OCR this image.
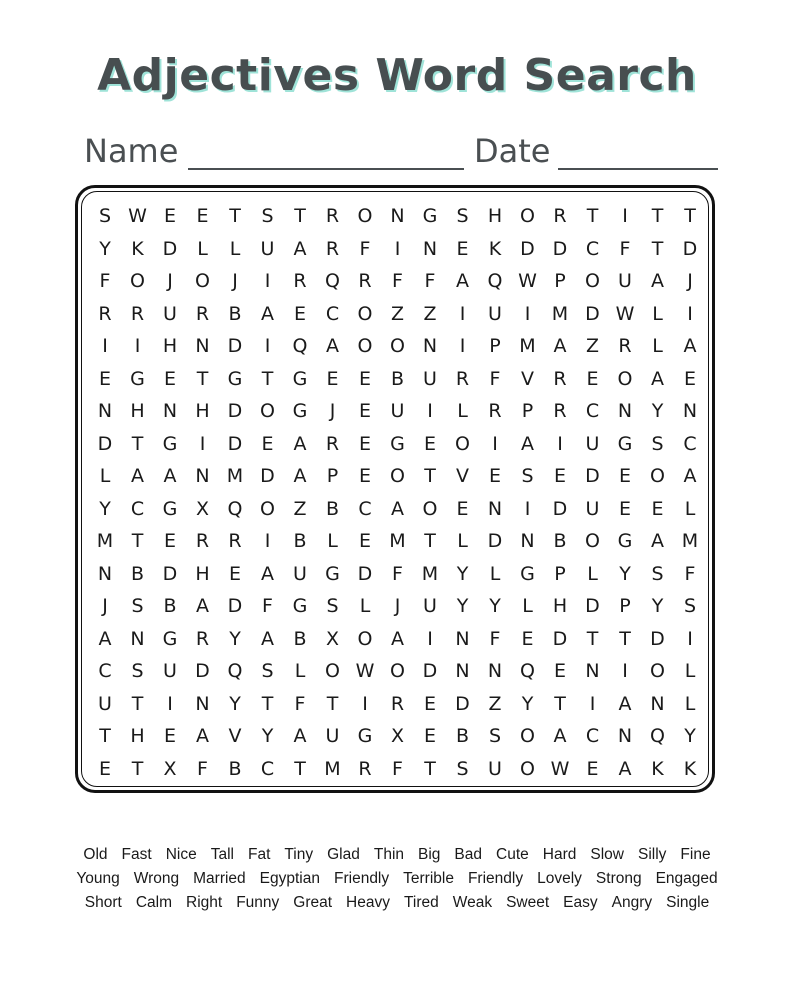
Adjectives Word Search
Name	Date
S W E	E	T	S	T	R O N G	S	H O R	T	I	T	T
Y	K D	L	L	U	A	R	F	I	N	E	K D D C	F	T	D
F	O	J	O	J	I	R Q R	F	F	A Q W P	O U	A	J
R	R U R	B	A	E	C O Z	Z	I	U	I	M D W L	I
I	I	H N D	I	Q A O O N	I	P M A	Z	R	L	A
E	G	E	T	G	T	G	E	E	B	U R	F	V	R	E	O A	E
N H N H D O G	J	E	U	I	L	R	P	R	C N	Y	N
D	T	G	I	D	E	A	R	E	G	E	O	I	A	I	U G	S	C
L	A	A N M D A	P	E	O	T	V	E	S	E	D	E	O A
Y	C G X Q O Z	B	C	A O	E	N	I	D U	E	E	L
M T	E	R	R	I	B	L	E M T	L	D N B O G A M
N B D H	E	A	U G D	F M Y	L	G	P	L	Y	S	F
J	S	B	A D	F	G	S	L	J	U	Y	Y	L	H D	P	Y	S
A N G R	Y	A	B	X O A	I	N	F	E	D	T	T	D	I
C	S	U D Q S	L	O W O D N N Q	E	N	I	O	L
U	T	I	N	Y	T	F	T	I	R	E	D Z	Y	T	I	A N	L
T	H	E	A	V	Y	A	U G X	E	B	S O A	C N Q	Y
E	T	X	F	B	C	T M R	F	T	S	U O W E	A	K	K
Old Fast Nice Tall Fat Tiny Glad Thin Big Bad Cute Hard Slow Silly Fine
Young Wrong Married Egyptian Friendly Terrible Friendly Lovely Strong Engaged
Short Calm Right Funny Great Heavy Tired Weak Sweet Easy Angry Single
